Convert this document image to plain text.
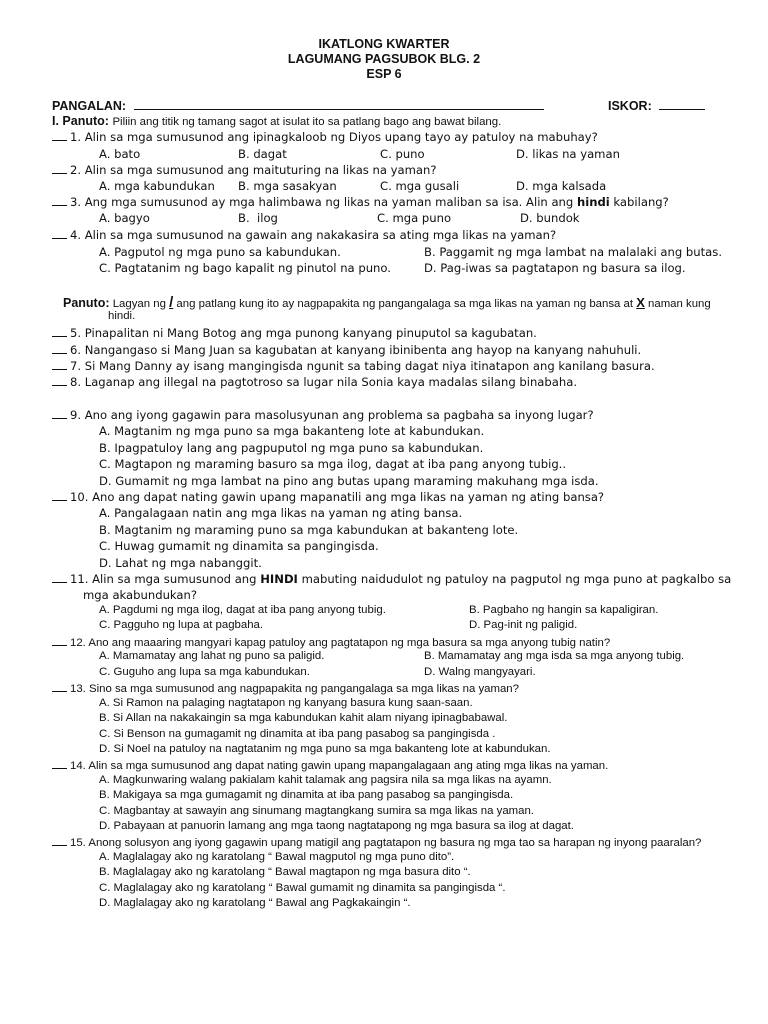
IKATLONG KWARTER
LAGUMANG PAGSUBOK BLG. 2
ESP 6
PANGALAN:	ISKOR:
I. Panuto: Piliin ang titik ng tamang sagot at isulat ito sa patlang bago ang bawat bilang.
1. Alin sa mga sumusunod ang ipinagkaloob ng Diyos upang tayo ay patuloy na mabuhay?
A. bato	B. dagat	C. puno	D. likas na yaman
2. Alin sa mga sumusunod ang maituturing na likas na yaman?
A. mga kabundukan B. mga sasakyan	C. mga gusali	D. mga kalsada
3. Ang mga sumusunod ay mga halimbawa ng likas na yaman maliban sa isa. Alin ang hindi kabilang?
A. bagyo	B.  ilog	C. mga puno	D. bundok
4. Alin sa mga sumusunod na gawain ang nakakasira sa ating mga likas na yaman?
A. Pagputol ng mga puno sa kabundukan.	B. Paggamit ng mga lambat na malalaki ang butas.
C. Pagtatanim ng bago kapalit ng pinutol na puno.	D. Pag-iwas sa pagtatapon ng basura sa ilog.
Panuto: Lagyan ng / ang patlang kung ito ay nagpapakita ng pangangalaga sa mga likas na yaman ng bansa at X naman kung
hindi.
5. Pinapalitan ni Mang Botog ang mga punong kanyang pinuputol sa kagubatan.
6. Nangangaso si Mang Juan sa kagubatan at kanyang ibinibenta ang hayop na kanyang nahuhuli.
7. Si Mang Danny ay isang mangingisda ngunit sa tabing dagat niya itinatapon ang kanilang basura.
8. Laganap ang illegal na pagtotroso sa lugar nila Sonia kaya madalas silang binabaha.
9. Ano ang iyong gagawin para masolusyunan ang problema sa pagbaha sa inyong lugar?
A. Magtanim ng mga puno sa mga bakanteng lote at kabundukan.
B. Ipagpatuloy lang ang pagpuputol ng mga puno sa kabundukan.
C. Magtapon ng maraming basuro sa mga ilog, dagat at iba pang anyong tubig..
D. Gumamit ng mga lambat na pino ang butas upang maraming makuhang mga isda.
10. Ano ang dapat nating gawin upang mapanatili ang mga likas na yaman ng ating bansa?
A. Pangalagaan natin ang mga likas na yaman ng ating bansa.
B. Magtanim ng maraming puno sa mga kabundukan at bakanteng lote.
C. Huwag gumamit ng dinamita sa pangingisda.
D. Lahat ng mga nabanggit.
11. Alin sa mga sumusunod ang HINDI mabuting naidudulot ng patuloy na pagputol ng mga puno at pagkalbo sa
mga akabundukan?
A. Pagdumi ng mga ilog, dagat at iba pang anyong tubig.	B. Pagbaho ng hangin sa kapaligiran.
C. Pagguho ng lupa at pagbaha.	D. Pag-init ng paligid.
12. Ano ang maaaring mangyari kapag patuloy ang pagtatapon ng mga basura sa mga anyong tubig natin?
A. Mamamatay ang lahat ng puno sa paligid.	B. Mamamatay ang mga isda sa mga anyong tubig.
C. Guguho ang lupa sa mga kabundukan.	D. Walng mangyayari.
13. Sino sa mga sumusunod ang nagpapakita ng pangangalaga sa mga likas na yaman?
A. Si Ramon na palaging nagtatapon ng kanyang basura kung saan-saan.
B. Si Allan na nakakaingin sa mga kabundukan kahit alam niyang ipinagbabawal.
C. Si Benson na gumagamit ng dinamita at iba pang pasabog sa pangingisda .
D. Si Noel na patuloy na nagtatanim ng mga puno sa mga bakanteng lote at kabundukan.
14. Alin sa mga sumusunod ang dapat nating gawin upang mapangalagaan ang ating mga likas na yaman.
A. Magkunwaring walang pakialam kahit talamak ang pagsira nila sa mga likas na ayamn.
B. Makigaya sa mga gumagamit ng dinamita at iba pang pasabog sa pangingisda.
C. Magbantay at sawayin ang sinumang magtangkang sumira sa mga likas na yaman.
D. Pabayaan at panuorin lamang ang mga taong nagtatapong ng mga basura sa ilog at dagat.
15. Anong solusyon ang iyong gagawin upang matigil ang pagtatapon ng basura ng mga tao sa harapan ng inyong paaralan?
A. Maglalagay ako ng karatolang “ Bawal magputol ng mga puno dito”.
B. Maglalagay ako ng karatolang “ Bawal magtapon ng mga basura dito “.
C. Maglalagay ako ng karatolang “ Bawal gumamit ng dinamita sa pangingisda “.
D. Maglalagay ako ng karatolang “ Bawal ang Pagkakaingin “.
